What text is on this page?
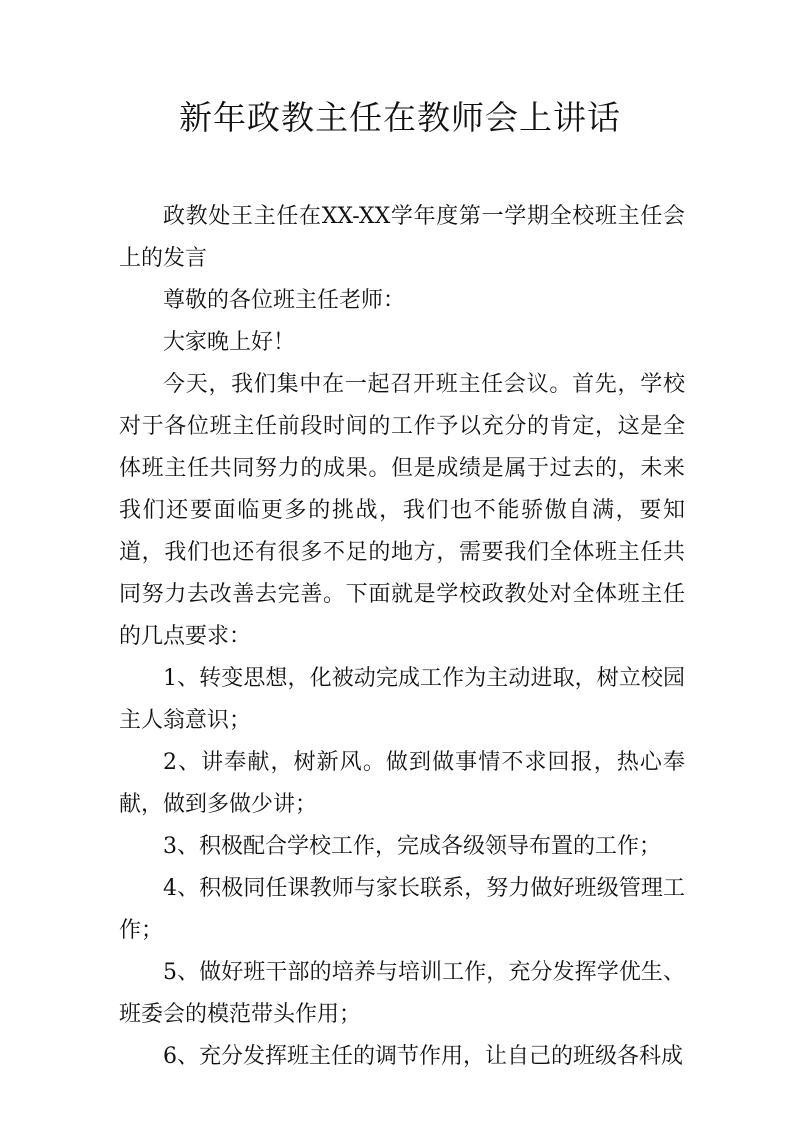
新年政教主任在教师会上讲话

政教处王主任在XX-XX学年度第一学期全校班主任会上的发言

尊敬的各位班主任老师：

大家晚上好！

今天，我们集中在一起召开班主任会议。首先，学校对于各位班主任前段时间的工作予以充分的肯定，这是全体班主任共同努力的成果。但是成绩是属于过去的，未来我们还要面临更多的挑战，我们也不能骄傲自满，要知道，我们也还有很多不足的地方，需要我们全体班主任共同努力去改善去完善。下面就是学校政教处对全体班主任的几点要求：

1、转变思想，化被动完成工作为主动进取，树立校园主人翁意识；

2、讲奉献，树新风。做到做事情不求回报，热心奉献，做到多做少讲；

3、积极配合学校工作，完成各级领导布置的工作；

4、积极同任课教师与家长联系，努力做好班级管理工作；

5、做好班干部的培养与培训工作，充分发挥学优生、班委会的模范带头作用；

6、充分发挥班主任的调节作用，让自己的班级各科成
